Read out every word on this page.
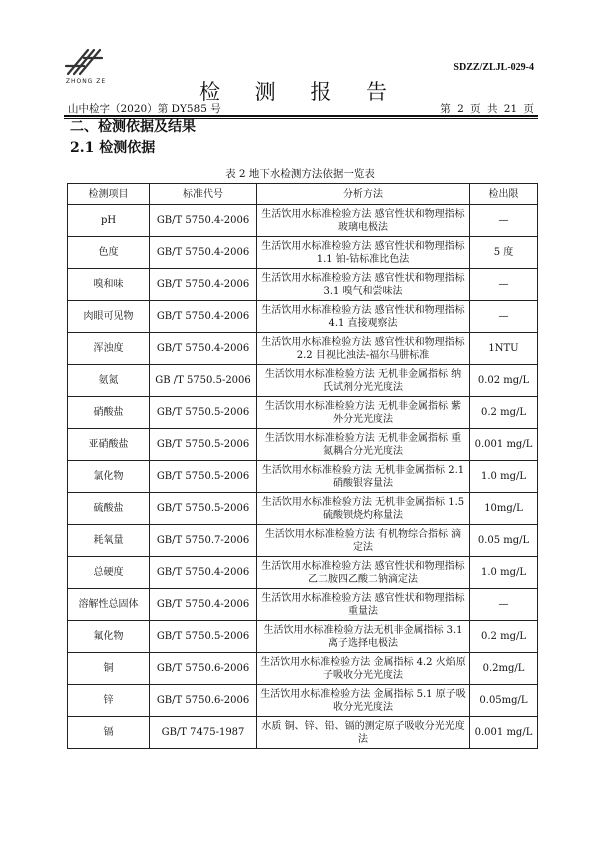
ZHONG ZE
SDZZ/ZLJL-029-4
检 测 报 告
山中检字（2020）第 DY585 号	第 2 页 共 21 页
二、检测依据及结果
2.1 检测依据
表 2 地下水检测方法依据一览表
检测项目	标准代号	分析方法	检出限
pH	GB/T 5750.4-2006	生活饮用水标准检验方法 感官性状和物理指标 玻璃电极法	—
色度	GB/T 5750.4-2006	生活饮用水标准检验方法 感官性状和物理指标 1.1 铂-钴标准比色法	5 度
嗅和味	GB/T 5750.4-2006	生活饮用水标准检验方法 感官性状和物理指标 3.1 嗅气和尝味法	—
肉眼可见物	GB/T 5750.4-2006	生活饮用水标准检验方法 感官性状和物理指标 4.1 直接观察法	—
浑浊度	GB/T 5750.4-2006	生活饮用水标准检验方法 感官性状和物理指标 2.2 目视比浊法-福尔马肼标准	1NTU
氨氮	GB /T 5750.5-2006	生活饮用水标准检验方法 无机非金属指标 纳氏试剂分光光度法	0.02 mg/L
硝酸盐	GB/T 5750.5-2006	生活饮用水标准检验方法 无机非金属指标 紫外分光光度法	0.2 mg/L
亚硝酸盐	GB/T 5750.5-2006	生活饮用水标准检验方法 无机非金属指标 重氮耦合分光光度法	0.001 mg/L
氯化物	GB/T 5750.5-2006	生活饮用水标准检验方法 无机非金属指标 2.1 硝酸银容量法	1.0 mg/L
硫酸盐	GB/T 5750.5-2006	生活饮用水标准检验方法 无机非金属指标 1.5 硫酸钡烧灼称量法	10mg/L
耗氧量	GB/T 5750.7-2006	生活饮用水标准检验方法 有机物综合指标 滴定法	0.05 mg/L
总硬度	GB/T 5750.4-2006	生活饮用水标准检验方法 感官性状和物理指标 乙二胺四乙酸二钠滴定法	1.0 mg/L
溶解性总固体	GB/T 5750.4-2006	生活饮用水标准检验方法 感官性状和物理指标 重量法	—
氟化物	GB/T 5750.5-2006	生活饮用水标准检验方法无机非金属指标 3.1 离子选择电极法	0.2 mg/L
铜	GB/T 5750.6-2006	生活饮用水标准检验方法 金属指标 4.2 火焰原子吸收分光光度法	0.2mg/L
锌	GB/T 5750.6-2006	生活饮用水标准检验方法 金属指标 5.1 原子吸收分光光度法	0.05mg/L
镉	GB/T 7475-1987	水质 铜、锌、铅、镉的测定原子吸收分光光度法	0.001 mg/L
